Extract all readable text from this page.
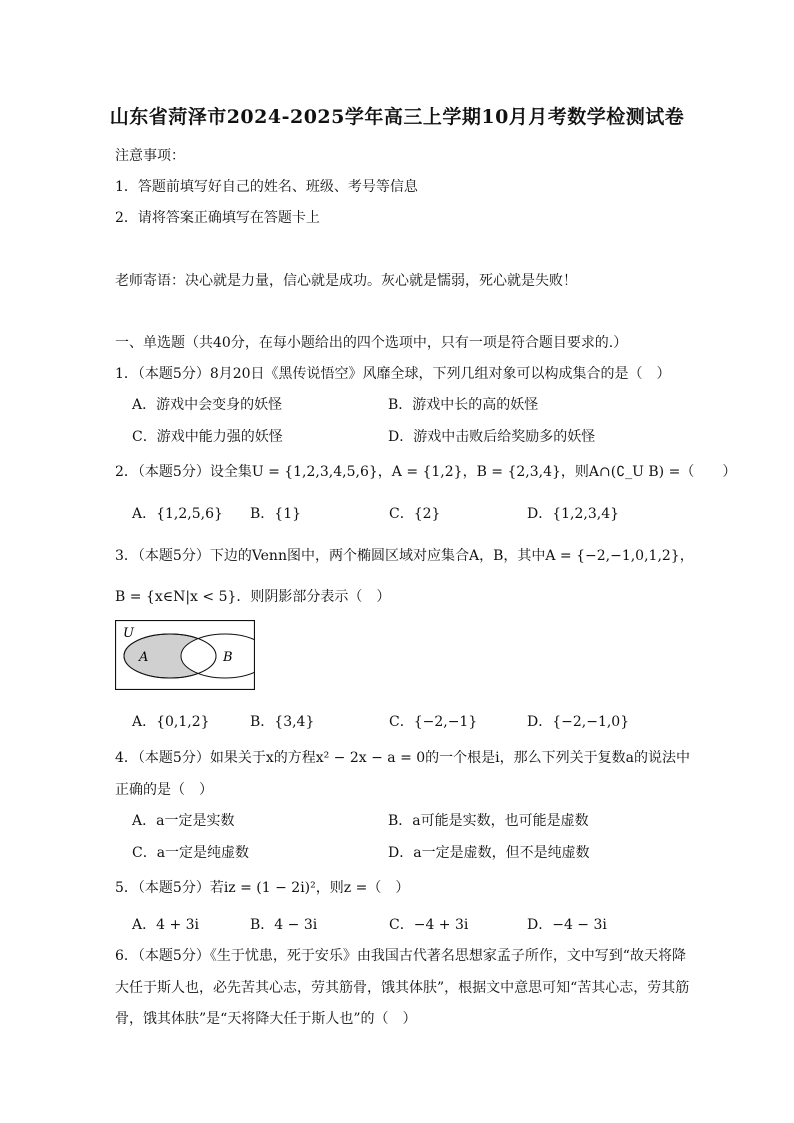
山东省菏泽市2024-2025学年高三上学期10月月考数学检测试卷
注意事项：
1．答题前填写好自己的姓名、班级、考号等信息
2．请将答案正确填写在答题卡上
老师寄语：决心就是力量，信心就是成功。灰心就是懦弱，死心就是失败！
一、单选题（共40分，在每小题给出的四个选项中，只有一项是符合题目要求的.）
1．（本题5分）8月20日《黑传说悟空》风靡全球，下列几组对象可以构成集合的是（　）
A．游戏中会变身的妖怪	B．游戏中长的高的妖怪
C．游戏中能力强的妖怪	D．游戏中击败后给奖励多的妖怪
2．（本题5分）设全集U = {1,2,3,4,5,6}，A = {1,2}，B = {2,3,4}，则A∩(∁_U B) =（　　）
A．{1,2,5,6} B．{1}	C．{2}	D．{1,2,3,4}
3．（本题5分）下边的Venn图中，两个椭圆区域对应集合A，B，其中A = {−2,−1,0,1,2}，
B = {x∈N|x < 5}．则阴影部分表示（　）
U
A	B
A．{0,1,2}	B．{3,4}	C．{−2,−1}	D．{−2,−1,0}
4．（本题5分）如果关于x的方程x² − 2x − a = 0的一个根是i，那么下列关于复数a的说法中
正确的是（　）
A．a一定是实数	B．a可能是实数，也可能是虚数
C．a一定是纯虚数	D．a一定是虚数，但不是纯虚数
5．（本题5分）若iz = (1 − 2i)²，则z =（　）
A．4 + 3i	B．4 − 3i	C．−4 + 3i	D．−4 − 3i
6．（本题5分）《生于忧患，死于安乐》由我国古代著名思想家孟子所作，文中写到“故天将降
大任于斯人也，必先苦其心志，劳其筋骨，饿其体肤”，根据文中意思可知“苦其心志，劳其筋
骨，饿其体肤”是“天将降大任于斯人也”的（　）
